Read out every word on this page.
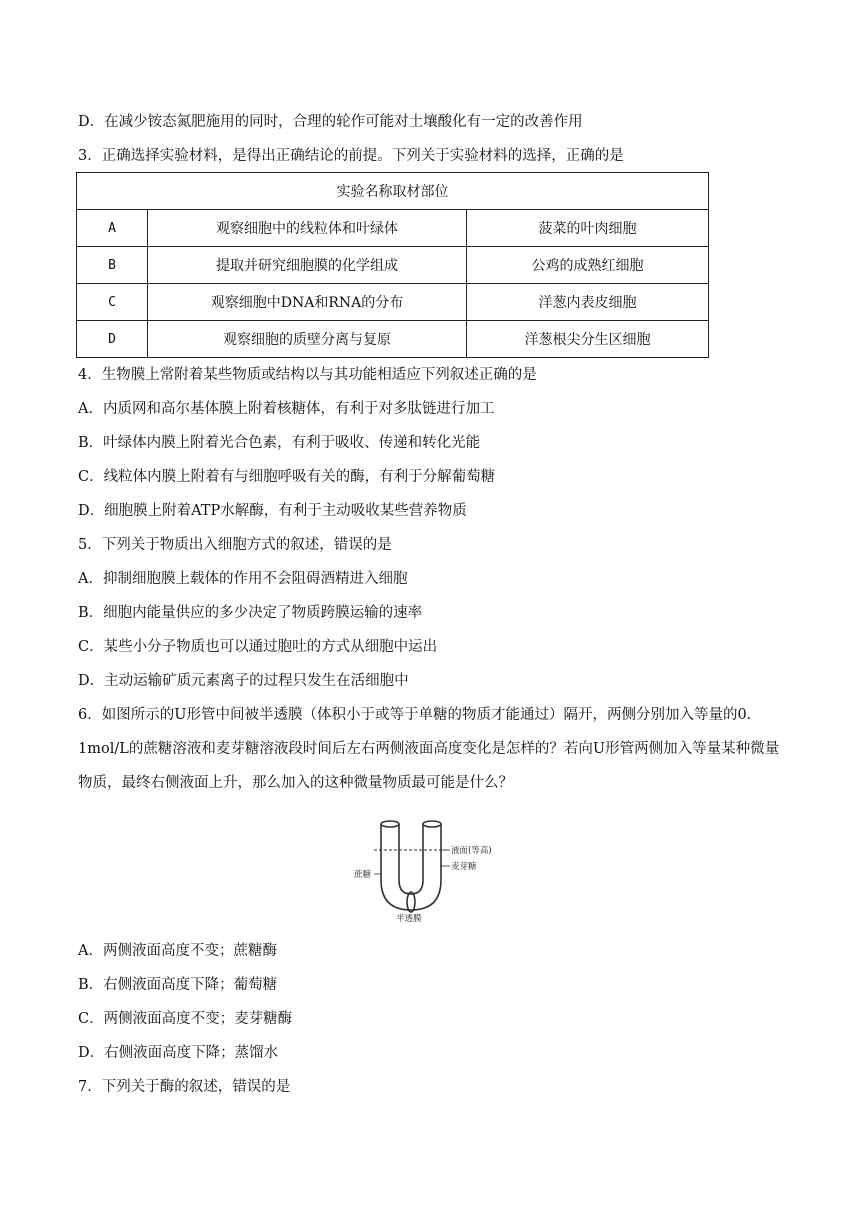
D．在减少铵态氮肥施用的同时，合理的轮作可能对土壤酸化有一定的改善作用
3．正确选择实验材料，是得出正确结论的前提。下列关于实验材料的选择，正确的是
实验名称取材部位		
A	观察细胞中的线粒体和叶绿体	菠菜的叶肉细胞
B	提取并研究细胞膜的化学组成	公鸡的成熟红细胞
C	观察细胞中DNA和RNA的分布	洋葱内表皮细胞
D	观察细胞的质壁分离与复原	洋葱根尖分生区细胞
4．生物膜上常附着某些物质或结构以与其功能相适应下列叙述正确的是
A．内质网和高尔基体膜上附着核糖体，有利于对多肽链进行加工
B．叶绿体内膜上附着光合色素，有利于吸收、传递和转化光能
C．线粒体内膜上附着有与细胞呼吸有关的酶，有利于分解葡萄糖
D．细胞膜上附着ATP水解酶，有利于主动吸收某些营养物质
5．下列关于物质出入细胞方式的叙述，错误的是
A．抑制细胞膜上载体的作用不会阻碍酒精进入细胞
B．细胞内能量供应的多少决定了物质跨膜运输的速率
C．某些小分子物质也可以通过胞吐的方式从细胞中运出
D．主动运输矿质元素离子的过程只发生在活细胞中
6．如图所示的U形管中间被半透膜（体积小于或等于单糖的物质才能通过）隔开，两侧分别加入等量的0．1mol/L的蔗糖溶液和麦芽糖溶液段时间后左右两侧液面高度变化是怎样的？若向U形管两侧加入等量某种微量物质，最终右侧液面上升，那么加入的这种微量物质最可能是什么？
液面(等高)
麦芽糖
蔗糖
半透膜
A．两侧液面高度不变；蔗糖酶
B．右侧液面高度下降；葡萄糖
C．两侧液面高度不变；麦芽糖酶
D．右侧液面高度下降；蒸馏水
7．下列关于酶的叙述，错误的是
